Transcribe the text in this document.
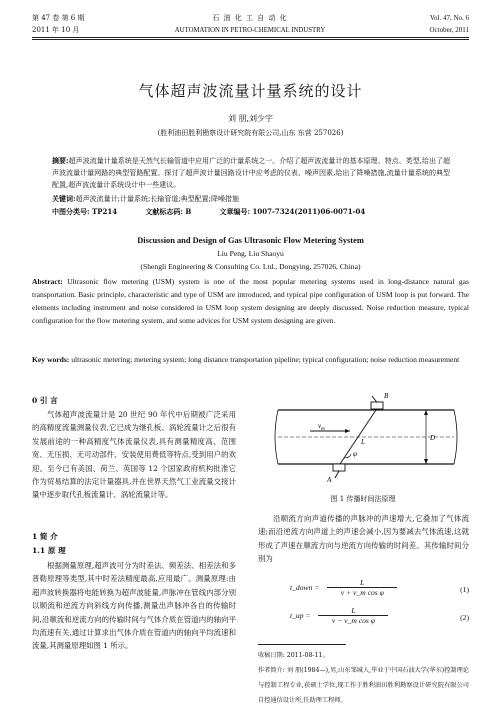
第 47 卷 第 6 期
2011 年 10 月
石 油 化 工 自 动 化
AUTOMATION IN PETRO-CHEMICAL INDUSTRY
Vol. 47, No. 6
October, 2011
气体超声波流量计量系统的设计
刘 朋,刘少宇
(胜利油田胜利勘察设计研究院有限公司,山东 东营 257026)
摘要:超声波流量计量系统是天然气长输管道中应用广泛的计量系统之一。介绍了超声波流量计的基本原理、特点、类型,给出了超声波流量计量网路的典型管路配置。探讨了超声波计量回路设计中应考虑的仪表、噪声因素,给出了降噪措施,流量计量系统的典型配置,超声波流量计系统设计中一些建议。
关键词:超声波流量计;计量系统;长输管道;典型配置;降噪措施
中图分类号: TP214	文献标志码: B	文章编号: 1007-7324(2011)06-0071-04
Discussion and Design of Gas Ultrasonic Flow Metering System
Liu Peng, Liu Shaoyu
(Shengli Engineering & Consulting Co. Ltd., Dongying, 257026, China)
Abstract: Ultrasonic flow metering (USM) system is one of the most popular metering systems used in long-distance natural gas transportation. Basic principle, characteristic and type of USM are introduced, and typical pipe configuration of USM loop is put forward. The elements including instrument and noise considered in USM loop system designing are deeply discussed. Noise reduction measure, typical configuration for the flow metering system, and some advices for USM system designing are given.
Key words: ultrasonic metering; metering system; long distance transportation pipeline; typical configuration; noise reduction measurement
0 引 言
气体超声波流量计是 20 世纪 90 年代中后期被广泛采用的高精度流量测量仪表,它已成为继孔板、涡轮流量计之后很有发展前途的一种高精度气体流量仪表,具有测量精度高、范围宽、无压损、无可动部件、安装使用费低等特点,受到用户的欢迎。至今已有美国、荷兰、英国等 12 个国家政府机构批准它作为贸易结算的法定计量器具,并在世界天然气工业流量交接计量中逐步取代孔板流量计、涡轮流量计等。
1 简 介
1.1 原 理
根据测量原理,超声波可分为时差法、频差法、相差法和多普勒原理等类型,其中时差法精度最高,应用最广。测量原理:由超声波转换器将电能转换为超声波能量,声脉冲在管线内部分别以顺流和逆流方向斜线方向传播,测量出声脉冲各自的传输时间,沿顺流和逆流方向的传输时间与气体介质在管道内的轴向平均流速有关,通过计算求出气体介质在管道内的轴向平均流速和流量,其测量原理如图 1 所示。
B
$v_m$
L
φ
D
A
图 1 传播时间法原理
沿顺流方向声道传播的声脉冲的声速增大,它叠加了气体流速;而沿逆流方向声道上的声速会减小,因为要减去气体流速,这就形成了声速在顺流方向与逆流方向传输的时间差。其传输时间分别为
t_down = $\frac{L}{\text{v + v\_m cos φ}}$	(1)
t_up = $\frac{L}{\text{v − v\_m cos φ}}$	(2)
收稿日期: 2011-08-11。
作者简介: 刘 朋(1984—),男,山东邹城人,毕业于中国石油大学(华东)控制理论与控制工程专业,获硕士学位,现工作于胜利油田胜利勘察设计研究院有限公司自控通信设计所,任助理工程师。
